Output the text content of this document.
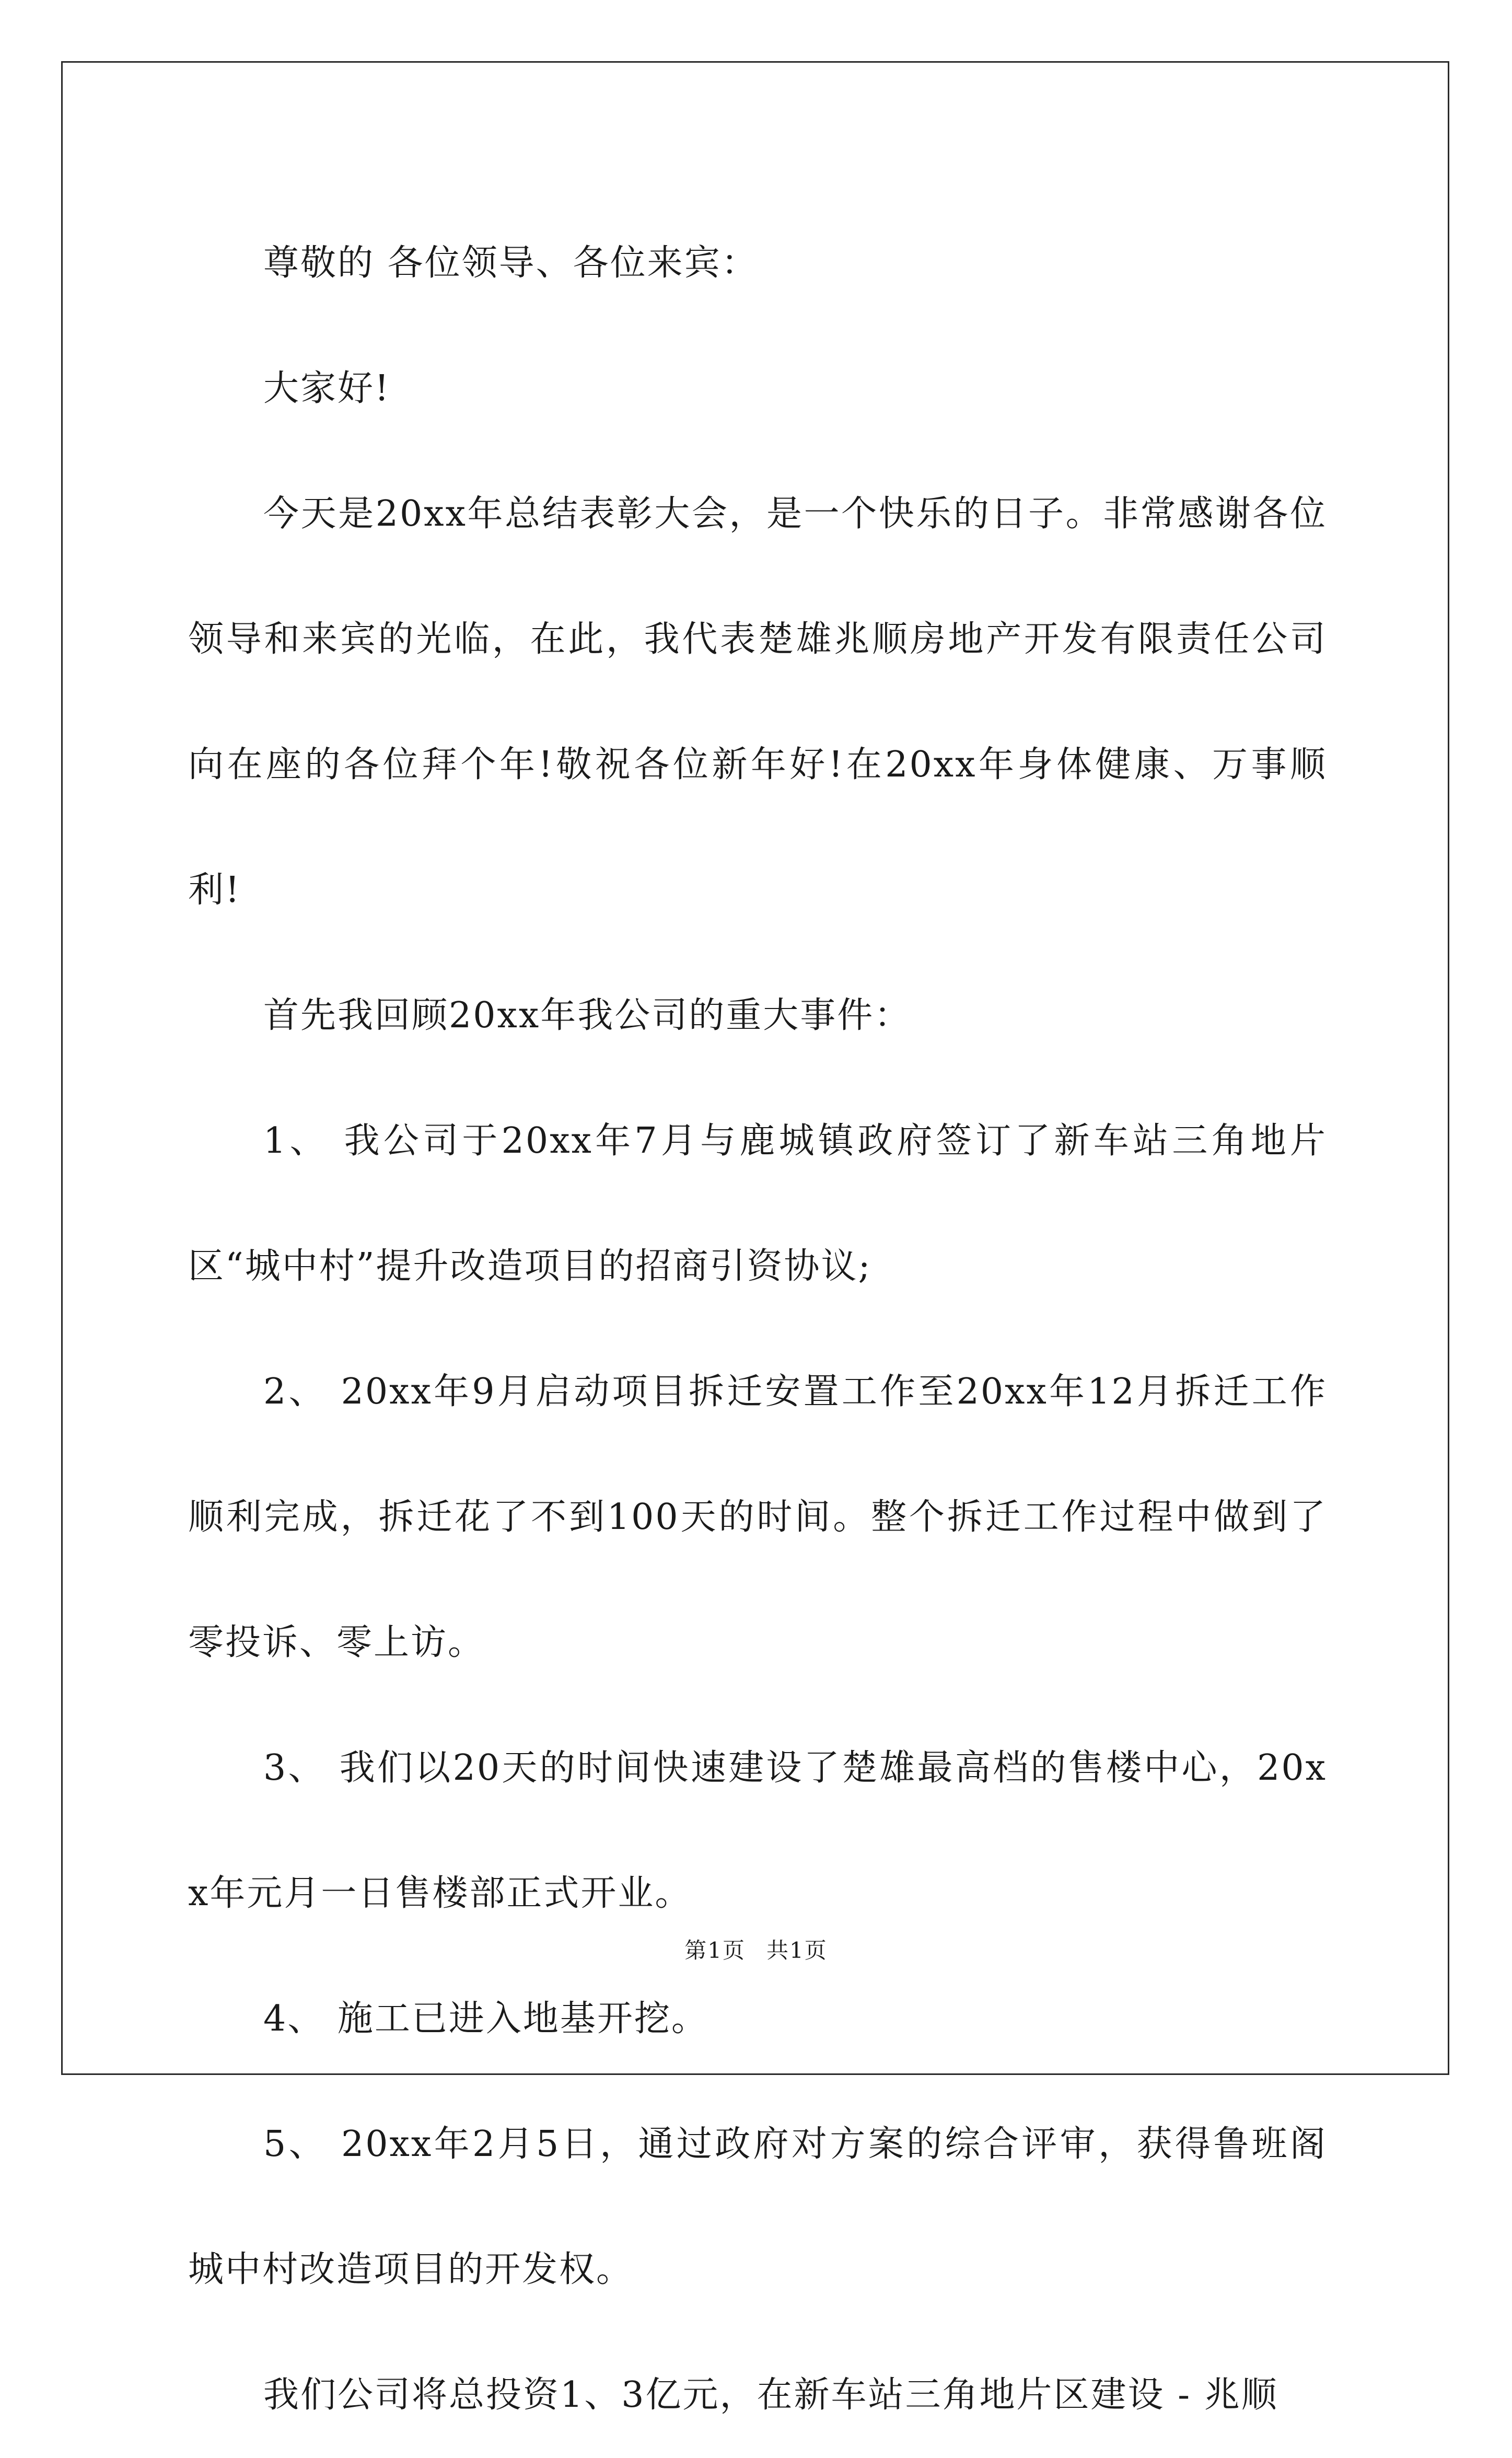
尊敬的 各位领导、各位来宾：

大家好!

今天是20xx年总结表彰大会，是一个快乐的日子。非常感谢各位领导和来宾的光临，在此，我代表楚雄兆顺房地产开发有限责任公司向在座的各位拜个年!敬祝各位新年好!在20xx年身体健康、万事顺利!

首先我回顾20xx年我公司的重大事件：

1、 我公司于20xx年7月与鹿城镇政府签订了新车站三角地片区“城中村”提升改造项目的招商引资协议;

2、 20xx年9月启动项目拆迁安置工作至20xx年12月拆迁工作顺利完成，拆迁花了不到100天的时间。整个拆迁工作过程中做到了零投诉、零上访。

3、 我们以20天的时间快速建设了楚雄最高档的售楼中心，20xx年元月一日售楼部正式开业。

4、 施工已进入地基开挖。

5、 20xx年2月5日，通过政府对方案的综合评审，获得鲁班阁城中村改造项目的开发权。

我们公司将总投资1、3亿元，在新车站三角地片区建设 - 兆顺

第1页 共1页
